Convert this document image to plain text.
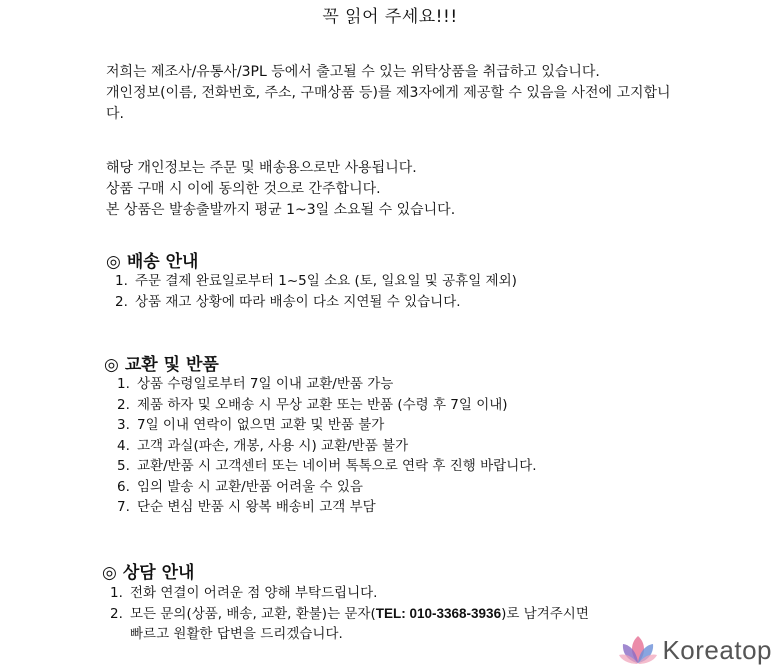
꼭 읽어 주세요!!!

저희는 제조사/유통사/3PL 등에서 출고될 수 있는 위탁상품을 취급하고 있습니다.

개인정보(이름, 전화번호, 주소, 구매상품 등)를 제3자에게 제공할 수 있음을 사전에 고지합니다.

해당 개인정보는 주문 및 배송용으로만 사용됩니다.

상품 구매 시 이에 동의한 것으로 간주합니다.

본 상품은 발송출발까지 평균 1~3일 소요될 수 있습니다.

◎ 배송 안내
1. 주문 결제 완료일로부터 1~5일 소요 (토, 일요일 및 공휴일 제외)
2. 상품 재고 상황에 따라 배송이 다소 지연될 수 있습니다.
◎ 교환 및 반품
1. 상품 수령일로부터 7일 이내 교환/반품 가능
2. 제품 하자 및 오배송 시 무상 교환 또는 반품 (수령 후 7일 이내)
3. 7일 이내 연락이 없으면 교환 및 반품 불가
4. 고객 과실(파손, 개봉, 사용 시) 교환/반품 불가
5. 교환/반품 시 고객센터 또는 네이버 톡톡으로 연락 후 진행 바랍니다.
6. 임의 발송 시 교환/반품 어려울 수 있음
7. 단순 변심 반품 시 왕복 배송비 고객 부담
◎ 상담 안내
1. 전화 연결이 어려운 점 양해 부탁드립니다.
2. 모든 문의(상품, 배송, 교환, 환불)는 문자(TEL: 010-3368-3936)로 남겨주시면
빠르고 원활한 답변을 드리겠습니다.
Koreatop
